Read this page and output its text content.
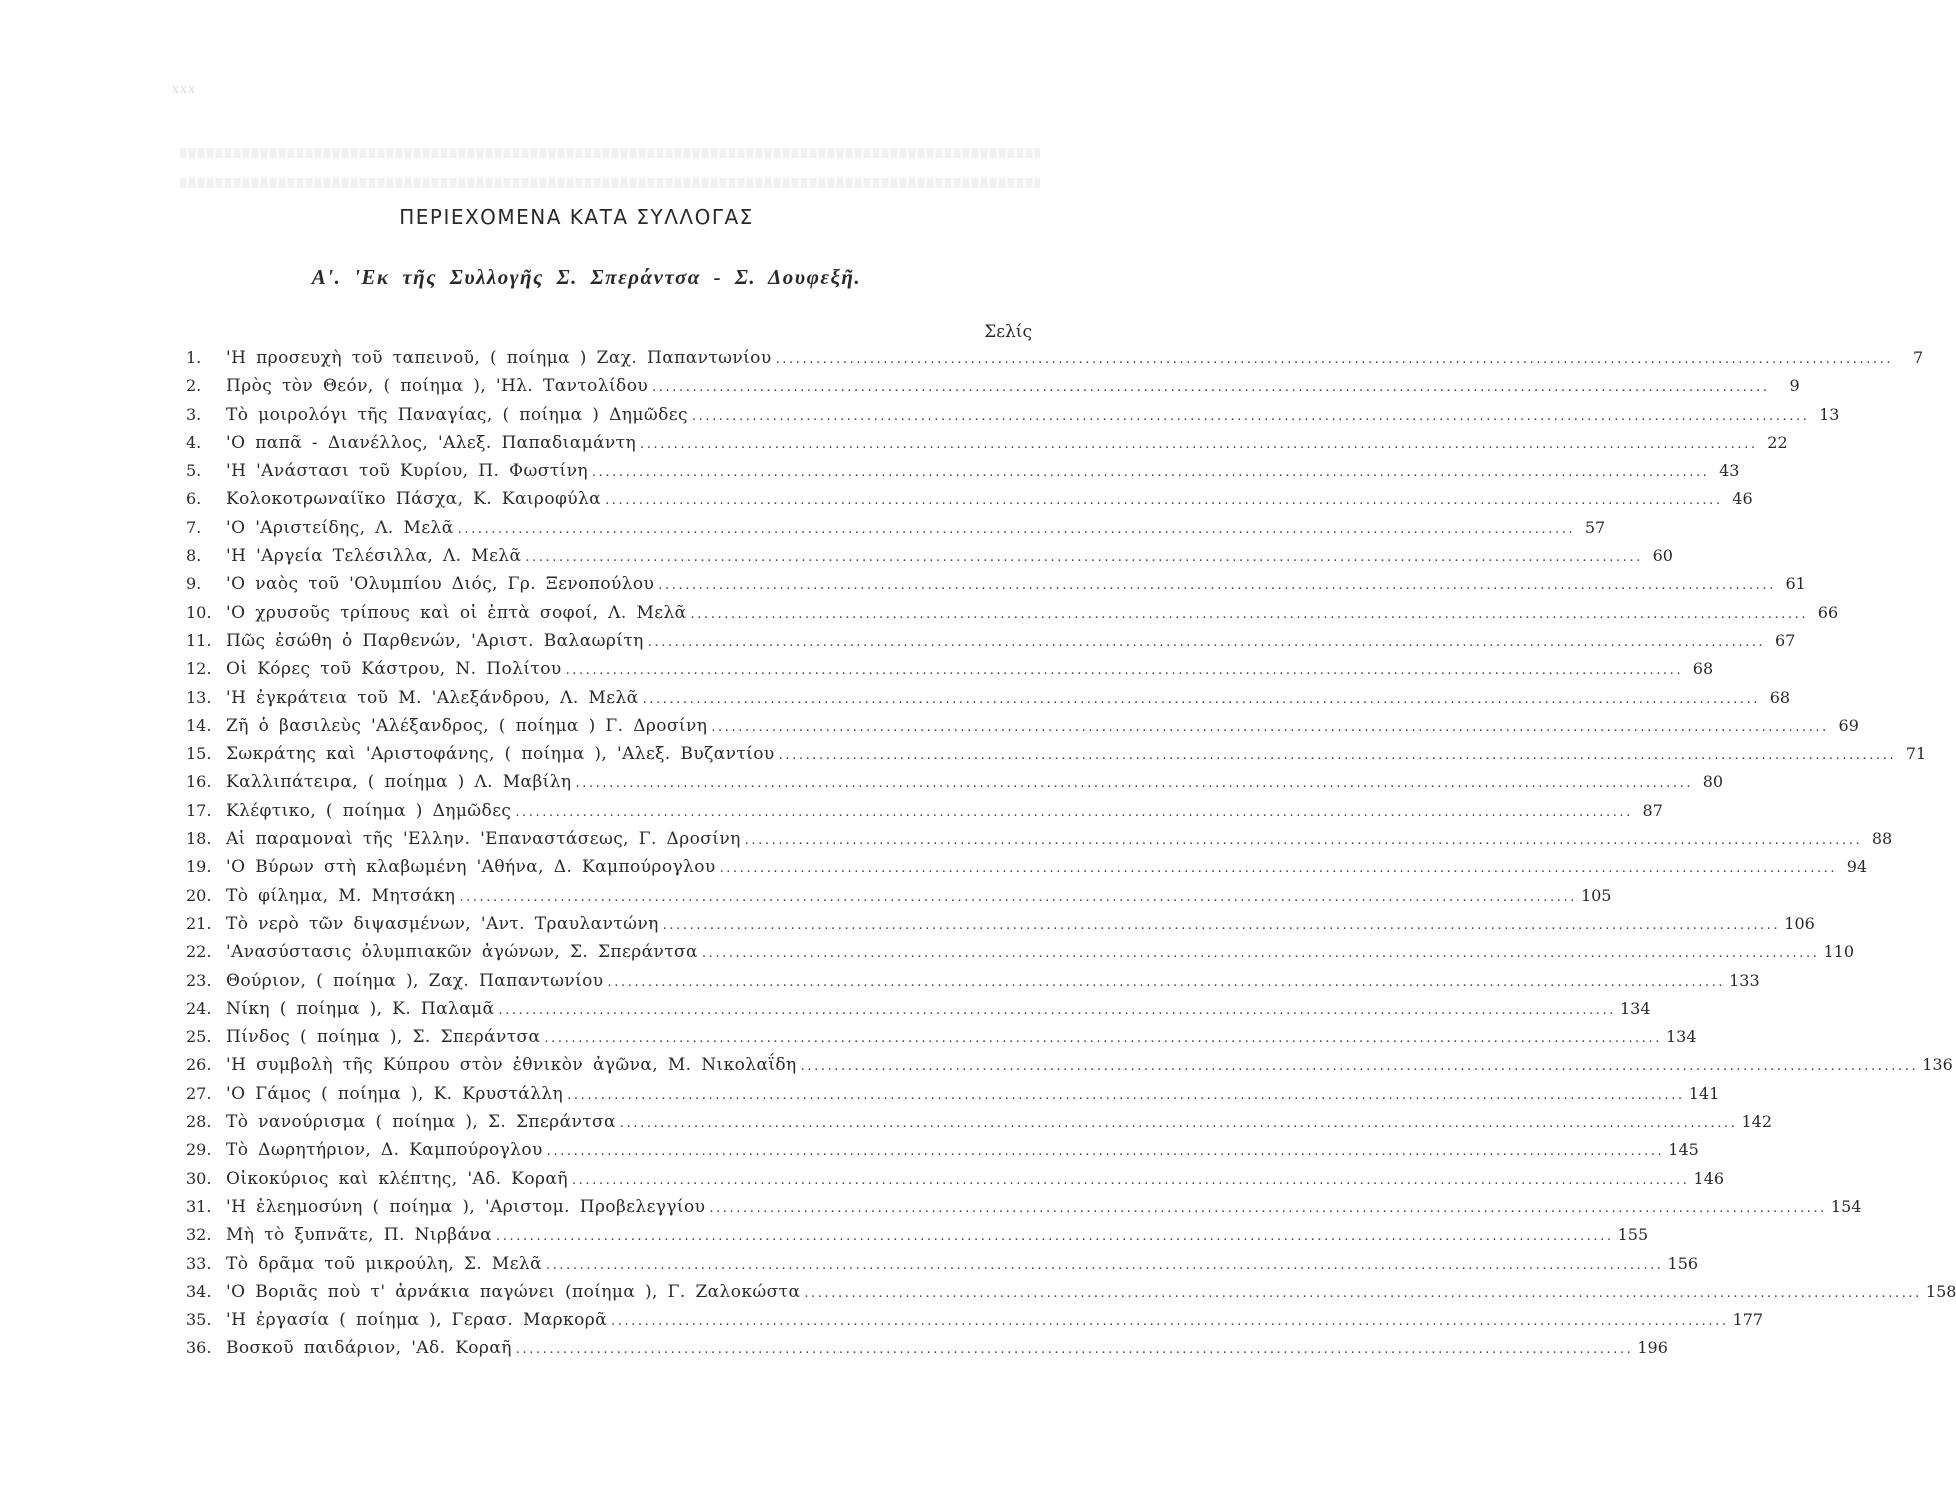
xxx
ΠΕΡΙΕΧΟΜΕΝΑ ΚΑΤΑ ΣΥΛΛΟΓΑΣ
Α'. 'Εκ τῆς Συλλογῆς Σ. Σπεράντσα - Σ. Δουφεξῆ.
Σελίς
1.	'Η προσευχὴ τοῦ ταπεινοῦ, ( ποίημα ) Ζαχ. Παπαντωνίου .....	7
2.	Πρὸς τὸν Θεόν, ( ποίημα ), 'Ηλ. Ταντολίδου .....	9
3.	Τὸ μοιρολόγι τῆς Παναγίας, ( ποίημα ) Δημῶδες .....	13
4.	'Ο παπᾶ - Διανέλλος, 'Αλεξ. Παπαδιαμάντη .....	22
5.	'Η 'Ανάστασι τοῦ Κυρίου, Π. Φωστίνη .....	43
6.	Κολοκοτρωναίϊκο Πάσχα, Κ. Καιροφύλα .....	46
7.	'Ο 'Αριστείδης, Λ. Μελᾶ .....	57
8.	'Η 'Αργεία Τελέσιλλα, Λ. Μελᾶ .....	60
9.	'Ο ναὸς τοῦ 'Ολυμπίου Διός, Γρ. Ξενοπούλου .....	61
10. 'Ο χρυσοῦς τρίπους καὶ οἱ ἑπτὰ σοφοί, Λ. Μελᾶ .....	66
11. Πῶς ἐσώθη ὁ Παρθενών, 'Αριστ. Βαλαωρίτη .....	67
12. Οἱ Κόρες τοῦ Κάστρου, Ν. Πολίτου .....	68
13. 'Η ἐγκράτεια τοῦ Μ. 'Αλεξάνδρου, Λ. Μελᾶ .....	68
14. Ζῆ ὁ βασιλεὺς 'Αλέξανδρος, ( ποίημα ) Γ. Δροσίνη .....	69
15. Σωκράτης καὶ 'Αριστοφάνης, ( ποίημα ), 'Αλεξ. Βυζαντίου .....	71
16. Καλλιπάτειρα, ( ποίημα ) Λ. Μαβίλη .....	80
17. Κλέφτικο, ( ποίημα ) Δημῶδες .....	87
18. Αἱ παραμοναὶ τῆς 'Ελλην. 'Επαναστάσεως, Γ. Δροσίνη .....	88
19. 'Ο Βύρων στὴ κλαβωμένη 'Αθήνα, Δ. Καμπούρογλου .....	94
20. Τὸ φίλημα, Μ. Μητσάκη .....	105
21. Τὸ νερὸ τῶν διψασμένων, 'Αντ. Τραυλαντώνη .....	106
22. 'Ανασύστασις ὀλυμπιακῶν ἀγώνων, Σ. Σπεράντσα .....	110
23. Θούριον, ( ποίημα ), Ζαχ. Παπαντωνίου .....	133
24. Νίκη ( ποίημα ), Κ. Παλαμᾶ .....	134
25. Πίνδος ( ποίημα ), Σ. Σπεράντσα .....	134
26. 'Η συμβολὴ τῆς Κύπρου στὸν ἐθνικὸν ἀγῶνα, Μ. Νικολαΐδη .....	136
27. 'Ο Γάμος ( ποίημα ), Κ. Κρυστάλλη .....	141
28. Τὸ νανούρισμα ( ποίημα ), Σ. Σπεράντσα .....	142
29. Τὸ Δωρητήριον, Δ. Καμπούρογλου .....	145
30. Οἰκοκύριος καὶ κλέπτης, 'Αδ. Κοραῆ .....	146
31. 'Η ἐλεημοσύνη ( ποίημα ), 'Αριστομ. Προβελεγγίου .....	154
32. Μὴ τὸ ξυπνᾶτε, Π. Νιρβάνα .....	155
33. Τὸ δρᾶμα τοῦ μικρούλη, Σ. Μελᾶ .....	156
34. 'Ο Βοριᾶς ποὺ τ' ἀρνάκια παγώνει (ποίημα ), Γ. Ζαλοκώστα .....	158
35. 'Η ἐργασία ( ποίημα ), Γερασ. Μαρκορᾶ .....	177
36. Βοσκοῦ παιδάριον, 'Αδ. Κοραῆ .....	196
